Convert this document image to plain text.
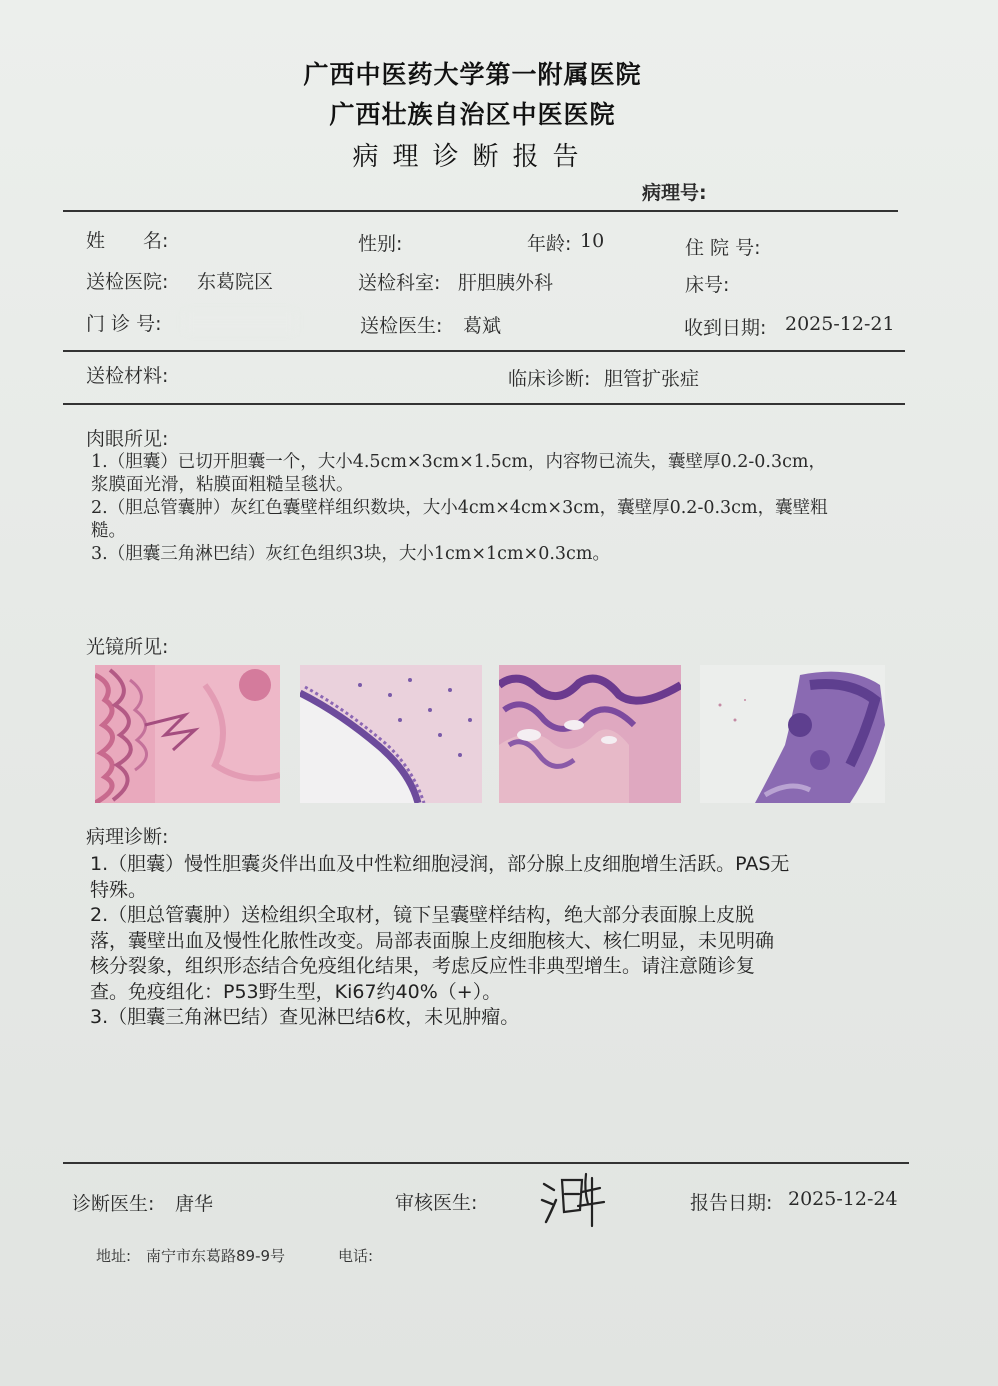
广西中医药大学第一附属医院
广西壮族自治区中医医院
病理诊断报告
病理号:
姓　　名:	性别:	年龄: 10	住 院 号:
送检医院: 东葛院区	送检科室: 肝胆胰外科	床号:
门 诊 号:	送检医生: 葛斌	收到日期: 2025-12-21
送检材料:	临床诊断: 胆管扩张症
肉眼所见:

1.（胆囊）已切开胆囊一个，大小4.5cm×3cm×1.5cm，内容物已流失，囊壁厚0.2-0.3cm，

浆膜面光滑，粘膜面粗糙呈毯状。

2.（胆总管囊肿）灰红色囊壁样组织数块，大小4cm×4cm×3cm，囊壁厚0.2-0.3cm，囊壁粗

糙。

3.（胆囊三角淋巴结）灰红色组织3块，大小1cm×1cm×0.3cm。

光镜所见:
病理诊断:

1.（胆囊）慢性胆囊炎伴出血及中性粒细胞浸润，部分腺上皮细胞增生活跃。PAS无

特殊。

2.（胆总管囊肿）送检组织全取材，镜下呈囊壁样结构，绝大部分表面腺上皮脱

落，囊壁出血及慢性化脓性改变。局部表面腺上皮细胞核大、核仁明显，未见明确

核分裂象，组织形态结合免疫组化结果，考虑反应性非典型增生。请注意随诊复

查。免疫组化：P53野生型，Ki67约40%（+）。

3.（胆囊三角淋巴结）查见淋巴结6枚，未见肿瘤。

诊断医生: 唐华	审核医生:	报告日期: 2025-12-24
地址: 南宁市东葛路89-9号	电话:
